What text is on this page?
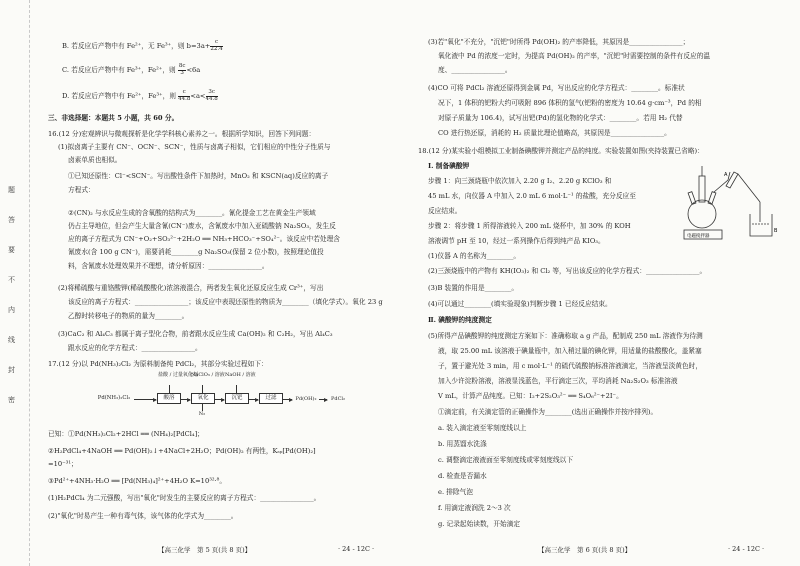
题
答
要
不
内
线
封
密
B. 若反应后产物中有 Fe²⁺，无 Fe³⁺，则 $b=3a+ \frac{c}{22.4}$
C. 若反应后产物中有 Fe³⁺，Fe²⁺，则 $\frac{8c}{3} <6a$
D. 若反应后产物中有 Fe²⁺，Fe³⁺，则 $\frac{c}{44.8} <a< \frac{3c}{44.8}$
三、非选择题：本题共 5 小题，共 60 分。
16.(12 分)宏观辨识与微观探析是化学学科核心素养之一。根据所学知识，回答下列问题：
(1)拟卤离子主要有 CN⁻、OCN⁻、SCN⁻，性质与卤离子相似，它们相应的中性分子性质与
卤素单质也相似。
①已知还原性：Cl⁻<SCN⁻。写出酸性条件下加热时，MnO₂ 和 KSCN(aq)反应的离子
方程式：
②(CN)₂ 与水反应生成的含氧酸的结构式为________。氰化提金工艺在黄金生产领域
仍占主导地位，但会产生大量含氰(CN⁻)废水，含氰废水中加入亚硫酸钠 Na₂SO₃，发生反
应的离子方程式为 CN⁻+O₂+SO₃²⁻+2H₂O ══ NH₃+HCO₃⁻+SO₄²⁻。该反应中若处理含
氰废水(含 100 g CN⁻)，需要消耗________g Na₂SO₃(保留 2 位小数)，按照理论值投
料，含氰废水处理效果并不理想，请分析原因：________________。
(2)将稀硫酸与重铬酸钾(稀硫酸酸化)浓溶液混合，两者发生氧化还原反应生成 Cr³⁺，写出
该反应的离子方程式：________________；该反应中表现还原性的物质为________（填化学式）。氧化 23 g
乙醇时转移电子的物质的量为________。
(3)CaC₂ 和 Al₄C₃ 都属于离子型化合物，前者跟水反应生成 Ca(OH)₂ 和 C₂H₂，写出 Al₄C₃
跟水反应的化学方程式：________________。
17.(12 分)以 Pd(NH₃)₂Cl₂ 为原料制备纯 PdCl₂，其部分实验过程如下：
盐酸 / 过量氧化剂
NaClO₃ / 溶液 NaOH / 溶液
Pd(NH₃)₂Cl₂	酸溶	氧化	沉钯	过滤	Pd(OH)₂	PdCl₂
N₂
已知：①Pd(NH₃)₂Cl₂+2HCl ══ (NH₄)₂[PdCl₄]；
②H₂PdCl₄+4NaOH ══ Pd(OH)₂↓+4NaCl+2H₂O；Pd(OH)₂ 有两性，Kₛₚ[Pd(OH)₂]
=10⁻³¹；
③Pd²⁺+4NH₃·H₂O ══ [Pd(NH₃)₄]²⁺+4H₂O K=10³²·⁸。
(1)H₂PdCl₄ 为二元强酸，写出"氧化"时发生的主要反应的离子方程式：________________。
(2)"氧化"时易产生一种有毒气体，该气体的化学式为________。
【高三化学　第 5 页(共 8 页)】	· 24 - 12C ·
(3)若"氧化"不充分，"沉钯"时所得 Pd(OH)₂ 的产率降低，其原因是________________；
氧化液中 Pd 的浓度一定时，为提高 Pd(OH)₂ 的产率，"沉钯"时需要控制的条件有反应的温
度、________________。
(4)CO 可将 PdCl₂ 溶液还原得到金属 Pd，写出反应的化学方程式：________。标准状
况下，1 体积的钯粉大约可吸附 896 体积的氢气(钯粉的密度为 10.64 g·cm⁻³，Pd 的相
对原子质量为 106.4)，试写出钯(Pd)的氢化物的化学式：________。若用 H₂ 代替
CO 进行热还原，消耗的 H₂ 质量比理论值略高，其原因是________________。
18.(12 分)某实验小组模拟工业制备碘酸钾并测定产品的纯度。实验装置如图(夹持装置已省略)：
Ⅰ. 制备碘酸钾
步骤 1：向三颈烧瓶中依次加入 2.20 g I₂、2.20 g KClO₃ 和
45 mL 水，向仪器 A 中加入 2.0 mL 6 mol·L⁻¹ 的盐酸，充分反应至
反应结束。
步骤 2：将步骤 1 所得溶液转入 200 mL 烧杯中，加 30% 的 KOH
溶液调节 pH 至 10，经过一系列操作后得到纯产品 KIO₃。
A
B
电磁搅拌器
(1)仪器 A 的名称为________。
(2)三颈烧瓶中的产物有 KH(IO₃)₂ 和 Cl₂ 等，写出该反应的化学方程式：________________。
(3)B 装置的作用是________。
(4)可以通过________(填实验现象)判断步骤 1 已经反应结束。
Ⅱ. 碘酸钾的纯度测定
(5)所得产品碘酸钾的纯度测定方案如下：准确称取 a g 产品，配制成 250 mL 溶液作为待测
液，取 25.00 mL 该溶液于碘量瓶中，加入稍过量的碘化钾，用适量的盐酸酸化，盖紧塞
子，置于避光处 3 min，用 c mol·L⁻¹ 的硫代硫酸钠标准溶液滴定，当溶液呈淡黄色时，
加入少许淀粉溶液，溶液显浅蓝色，平行滴定三次，平均消耗 Na₂S₂O₃ 标准溶液
V mL，计算产品纯度。已知：I₂+2S₂O₃²⁻ ══ S₄O₆²⁻+2I⁻。
①滴定前，有关滴定管的正确操作为________(选出正确操作并按序排列)。
a. 装入滴定液至零刻度线以上
b. 用蒸馏水洗涤
c. 调整滴定液液面至零刻度线或零刻度线以下
d. 检查是否漏水
e. 排除气泡
f. 用滴定液润洗 2～3 次
g. 记录起始读数，开始滴定
【高三化学　第 6 页(共 8 页)】	· 24 - 12C ·
